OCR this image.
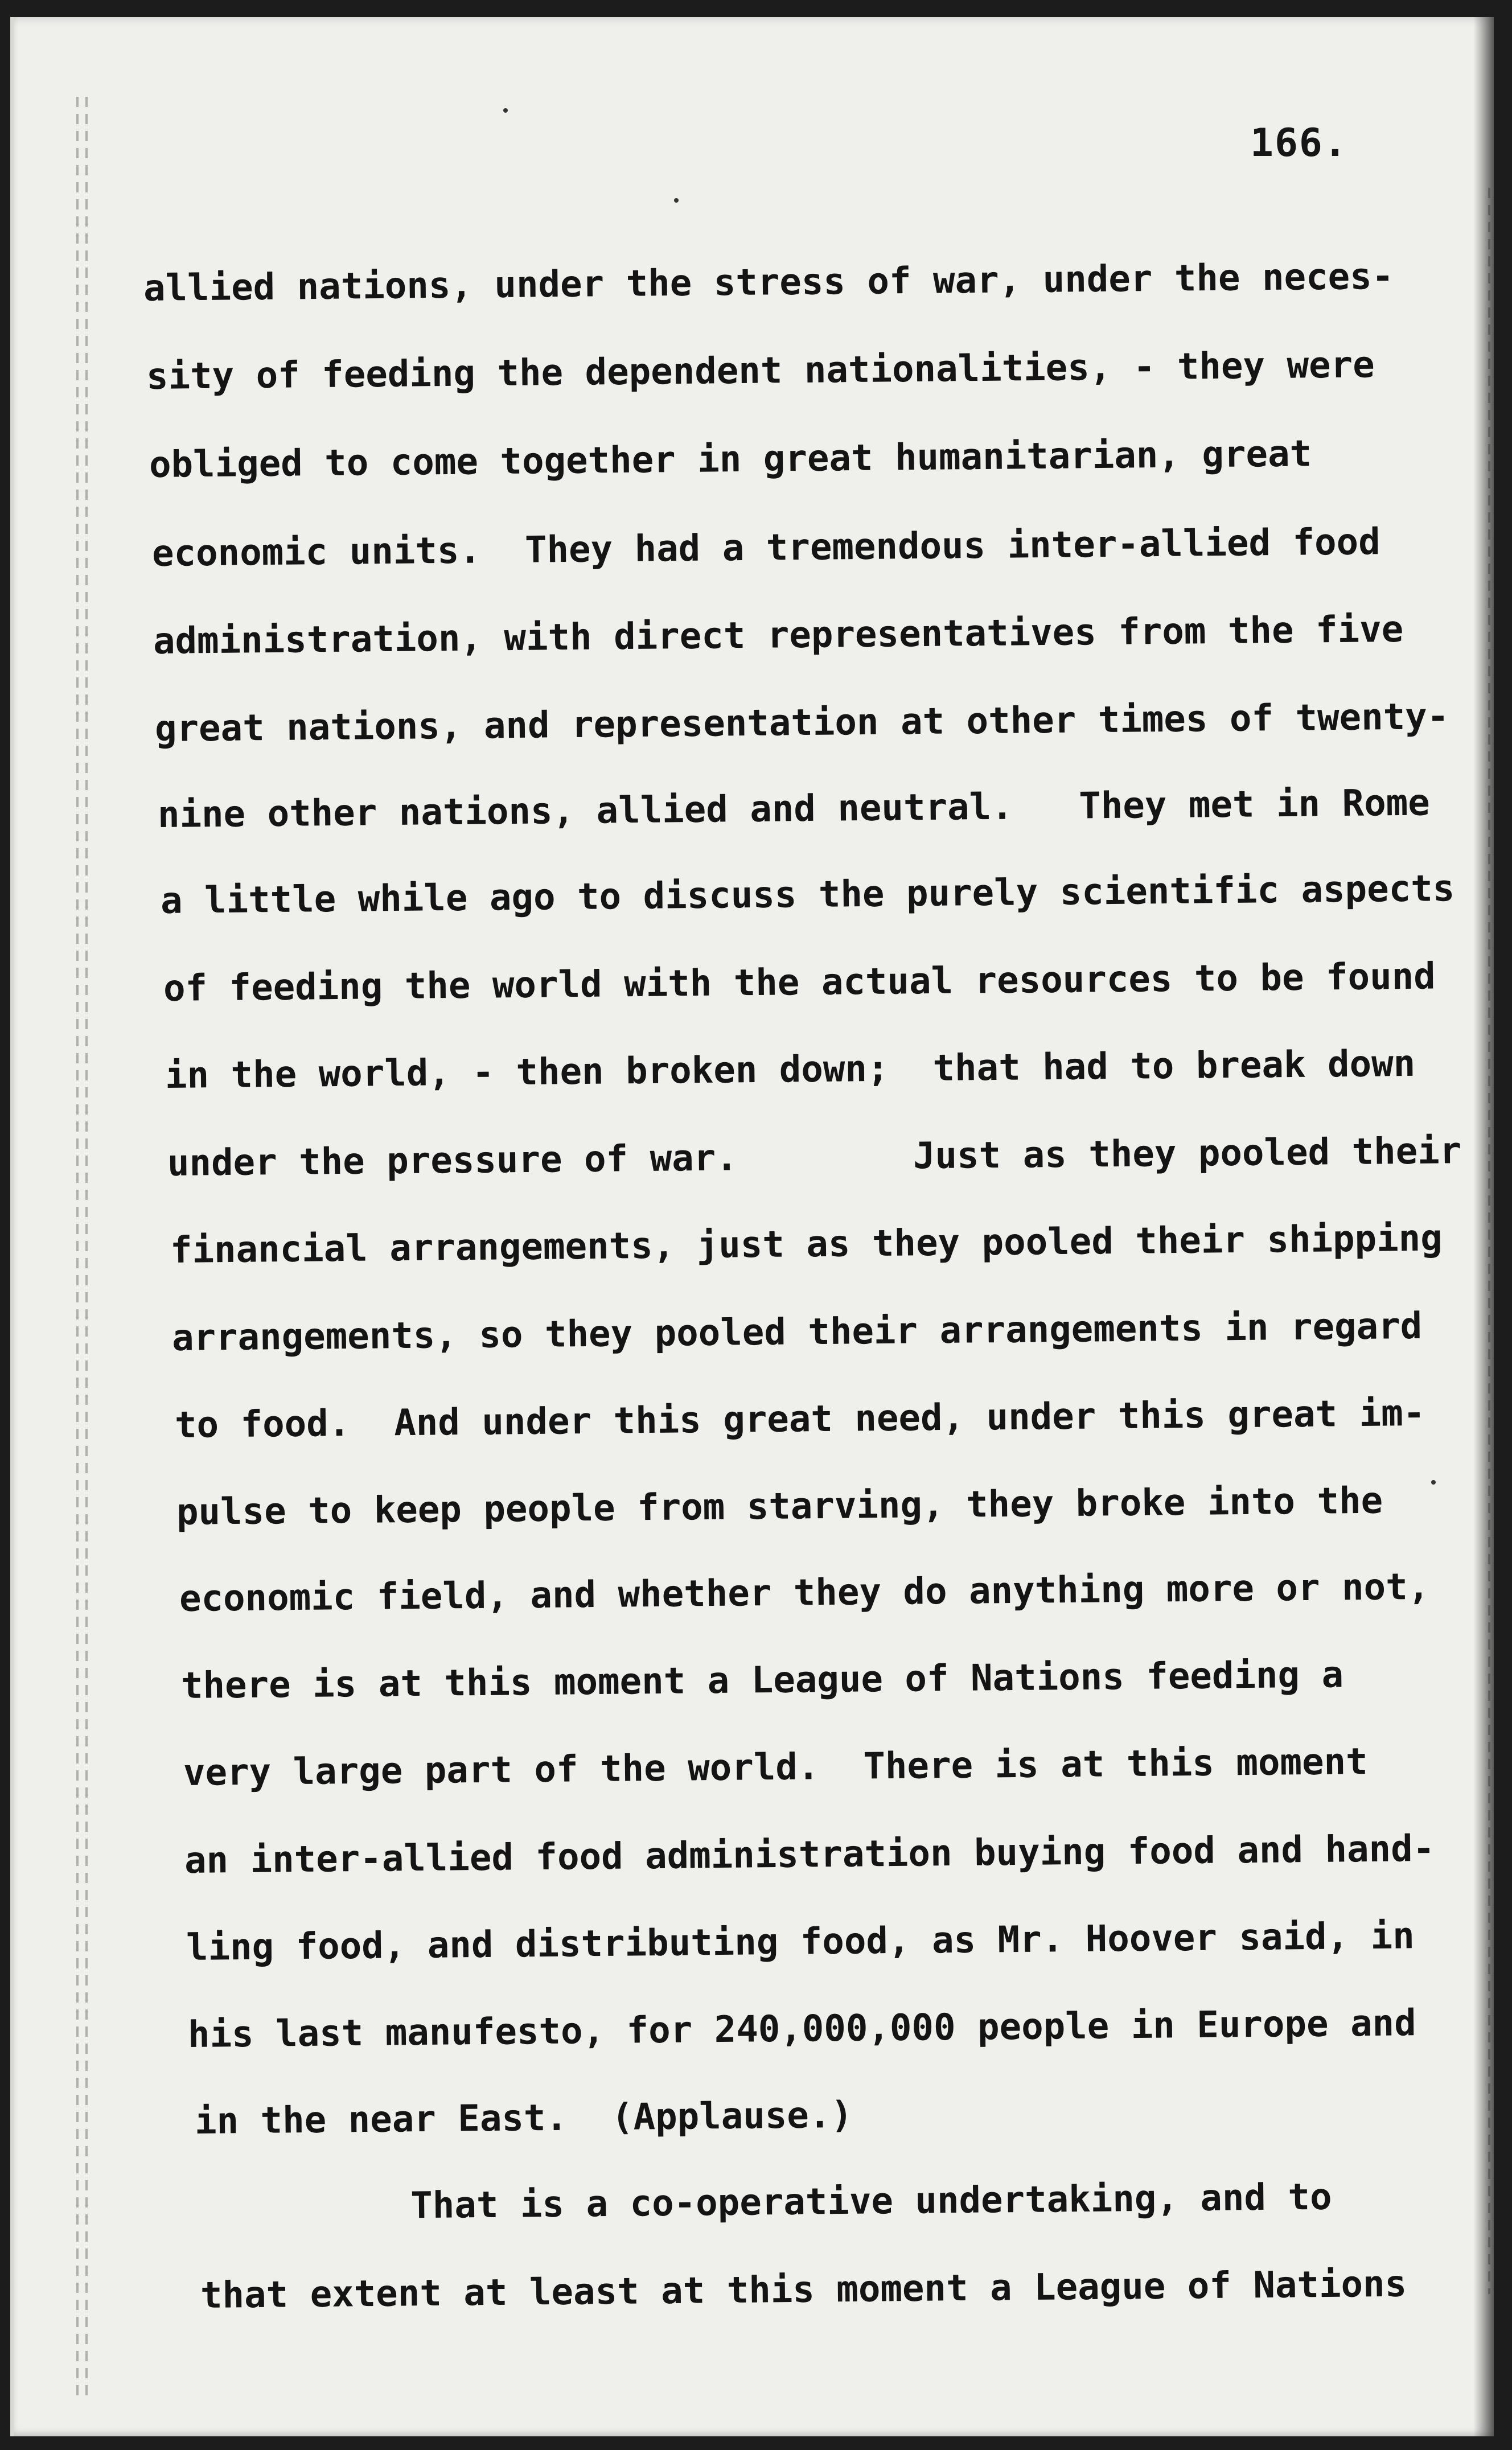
166.
allied nations, under the stress of war, under the neces-
sity of feeding the dependent nationalities, - they were
obliged to come together in great humanitarian, great
economic units.  They had a tremendous inter-allied food
administration, with direct representatives from the five
great nations, and representation at other times of twenty-
nine other nations, allied and neutral.   They met in Rome
a little while ago to discuss the purely scientific aspects
of feeding the world with the actual resources to be found
in the world, - then broken down;  that had to break down
under the pressure of war.        Just as they pooled their
financial arrangements, just as they pooled their shipping
arrangements, so they pooled their arrangements in regard
to food.  And under this great need, under this great im-
pulse to keep people from starving, they broke into the
economic field, and whether they do anything more or not,
there is at this moment a League of Nations feeding a
very large part of the world.  There is at this moment
an inter-allied food administration buying food and hand-
ling food, and distributing food, as Mr. Hoover said, in
his last manufesto, for 240,000,000 people in Europe and
in the near East.  (Applause.)
That is a co-operative undertaking, and to
that extent at least at this moment a League of Nations
